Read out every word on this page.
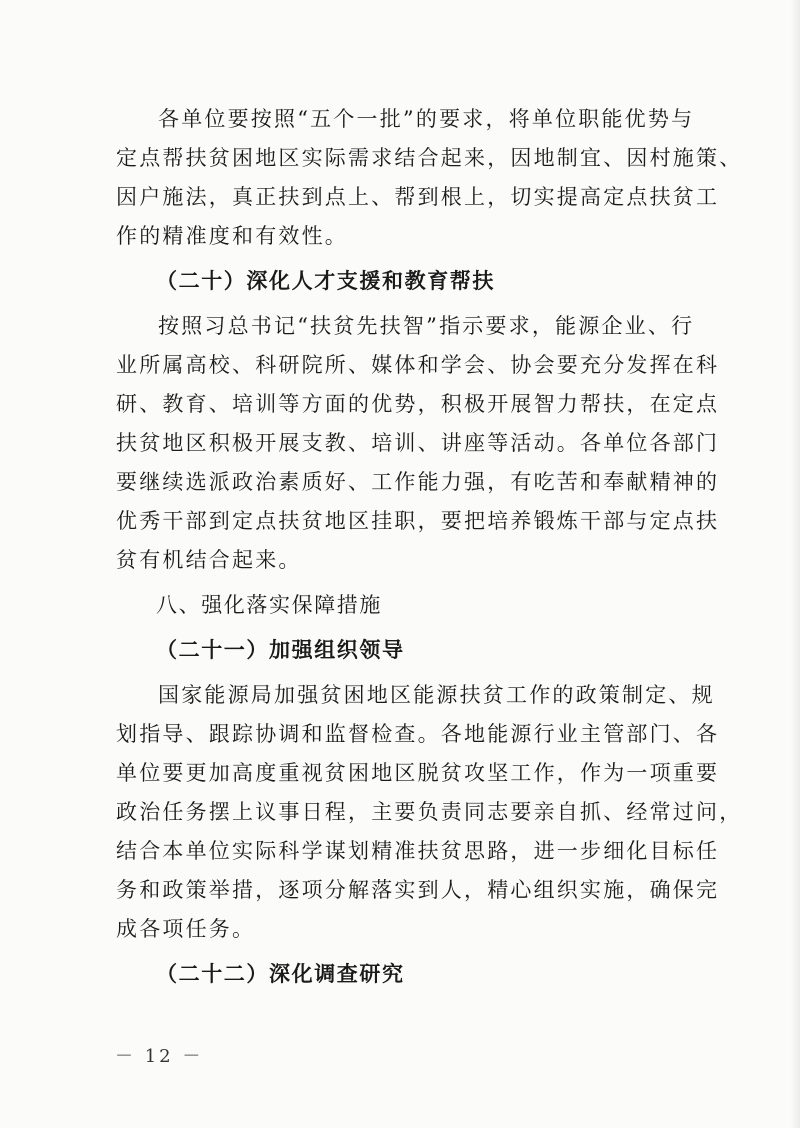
各单位要按照“五个一批”的要求，将单位职能优势与
定点帮扶贫困地区实际需求结合起来，因地制宜、因村施策、
因户施法，真正扶到点上、帮到根上，切实提高定点扶贫工
作的精准度和有效性。
（二十）深化人才支援和教育帮扶
按照习总书记“扶贫先扶智”指示要求，能源企业、行
业所属高校、科研院所、媒体和学会、协会要充分发挥在科
研、教育、培训等方面的优势，积极开展智力帮扶，在定点
扶贫地区积极开展支教、培训、讲座等活动。各单位各部门
要继续选派政治素质好、工作能力强，有吃苦和奉献精神的
优秀干部到定点扶贫地区挂职，要把培养锻炼干部与定点扶
贫有机结合起来。
八、强化落实保障措施
（二十一）加强组织领导
国家能源局加强贫困地区能源扶贫工作的政策制定、规
划指导、跟踪协调和监督检查。各地能源行业主管部门、各
单位要更加高度重视贫困地区脱贫攻坚工作，作为一项重要
政治任务摆上议事日程，主要负责同志要亲自抓、经常过问，
结合本单位实际科学谋划精准扶贫思路，进一步细化目标任
务和政策举措，逐项分解落实到人，精心组织实施，确保完
成各项任务。
（二十二）深化调查研究
－ 12 －
